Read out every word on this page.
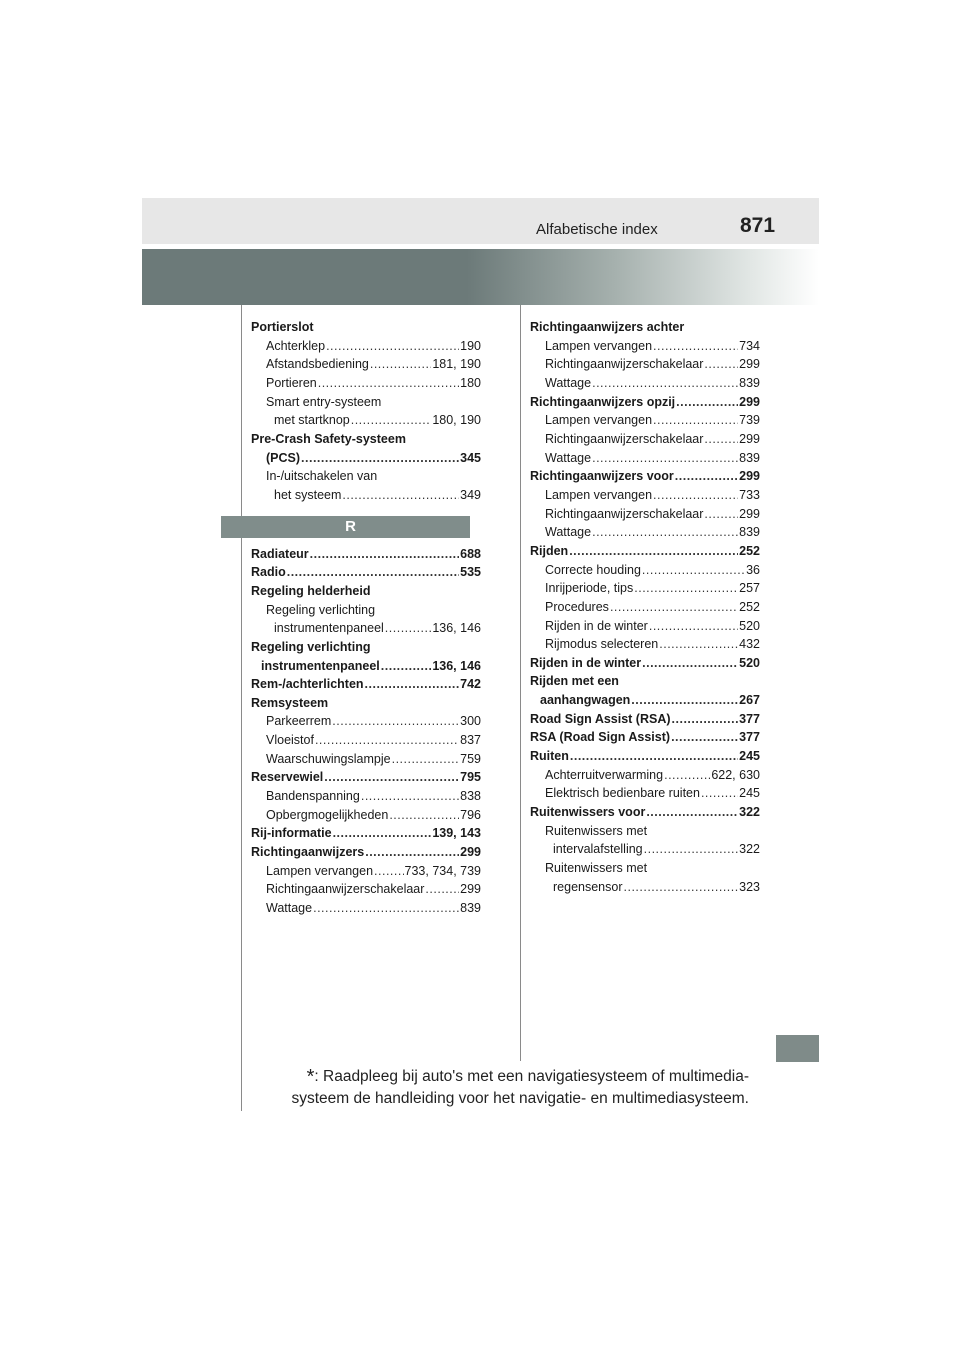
Alfabetische index	871
Portierslot
Achterklep .....	190
Afstandsbediening .....	181, 190
Portieren .....	180
Smart entry-systeem
met startknop .....	180, 190
Pre-Crash Safety-systeem
(PCS) .....	345
In-/uitschakelen van
het systeem .....	349
R
Radiateur .....	688
Radio .....	535
Regeling helderheid
Regeling verlichting
instrumentenpaneel .....	136, 146
Regeling verlichting
instrumentenpaneel .....	136, 146
Rem-/achterlichten .....	742
Remsysteem
Parkeerrem .....	300
Vloeistof .....	837
Waarschuwingslampje .....	759
Reservewiel .....	795
Bandenspanning .....	838
Opbergmogelijkheden .....	796
Rij-informatie .....	139, 143
Richtingaanwijzers .....	299
Lampen vervangen .....	733, 734, 739
Richtingaanwijzerschakelaar .....	299
Wattage .....	839
Richtingaanwijzers achter
Lampen vervangen .....	734
Richtingaanwijzerschakelaar .....	299
Wattage .....	839
Richtingaanwijzers opzij .....	299
Lampen vervangen .....	739
Richtingaanwijzerschakelaar .....	299
Wattage .....	839
Richtingaanwijzers voor .....	299
Lampen vervangen .....	733
Richtingaanwijzerschakelaar .....	299
Wattage .....	839
Rijden .....	252
Correcte houding .....	36
Inrijperiode, tips .....	257
Procedures .....	252
Rijden in de winter .....	520
Rijmodus selecteren .....	432
Rijden in de winter .....	520
Rijden met een
aanhangwagen .....	267
Road Sign Assist (RSA) .....	377
RSA (Road Sign Assist) .....	377
Ruiten .....	245
Achterruitverwarming .....	622, 630
Elektrisch bedienbare ruiten .....	245
Ruitenwissers voor .....	322
Ruitenwissers met
intervalafstelling .....	322
Ruitenwissers met
regensensor .....	323
*: Raadpleeg bij auto's met een navigatiesysteem of multimedia-
systeem de handleiding voor het navigatie- en multimediasysteem.
